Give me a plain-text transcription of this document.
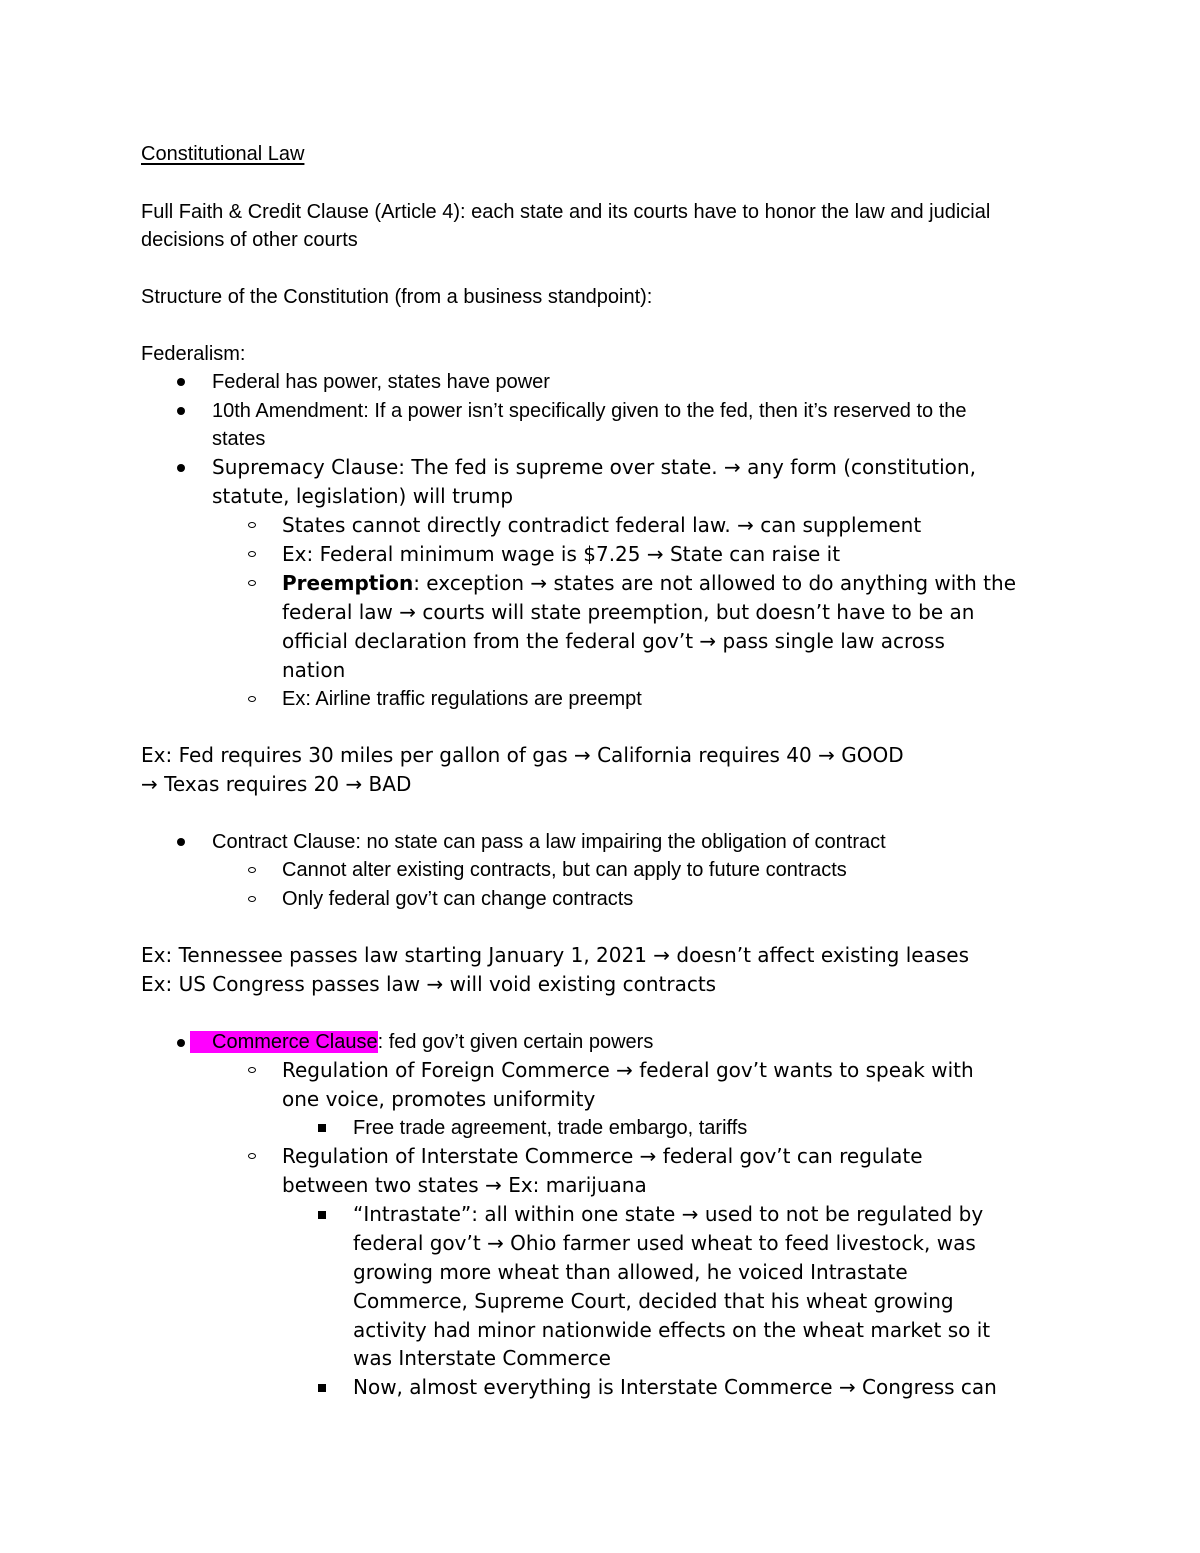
Constitutional Law
Full Faith & Credit Clause (Article 4): each state and its courts have to honor the law and judicial
decisions of other courts
Structure of the Constitution (from a business standpoint):
Federalism:
Federal has power, states have power
10th Amendment: If a power isn’t specifically given to the fed, then it’s reserved to the
states
Supremacy Clause: The fed is supreme over state. → any form (constitution,
statute, legislation) will trump
States cannot directly contradict federal law. → can supplement
Ex: Federal minimum wage is $7.25 → State can raise it
Preemption: exception → states are not allowed to do anything with the
federal law → courts will state preemption, but doesn’t have to be an
official declaration from the federal gov’t → pass single law across
nation
Ex: Airline traffic regulations are preempt
Ex: Fed requires 30 miles per gallon of gas → California requires 40 → GOOD
→ Texas requires 20 → BAD
Contract Clause: no state can pass a law impairing the obligation of contract
Cannot alter existing contracts, but can apply to future contracts
Only federal gov’t can change contracts
Ex: Tennessee passes law starting January 1, 2021 → doesn’t affect existing leases
Ex: US Congress passes law → will void existing contracts
Commerce Clause: fed gov’t given certain powers
Regulation of Foreign Commerce → federal gov’t wants to speak with
one voice, promotes uniformity
Free trade agreement, trade embargo, tariffs
Regulation of Interstate Commerce → federal gov’t can regulate
between two states → Ex: marijuana
“Intrastate”: all within one state → used to not be regulated by
federal gov’t → Ohio farmer used wheat to feed livestock, was
growing more wheat than allowed, he voiced Intrastate
Commerce, Supreme Court, decided that his wheat growing
activity had minor nationwide effects on the wheat market so it
was Interstate Commerce
Now, almost everything is Interstate Commerce → Congress can
